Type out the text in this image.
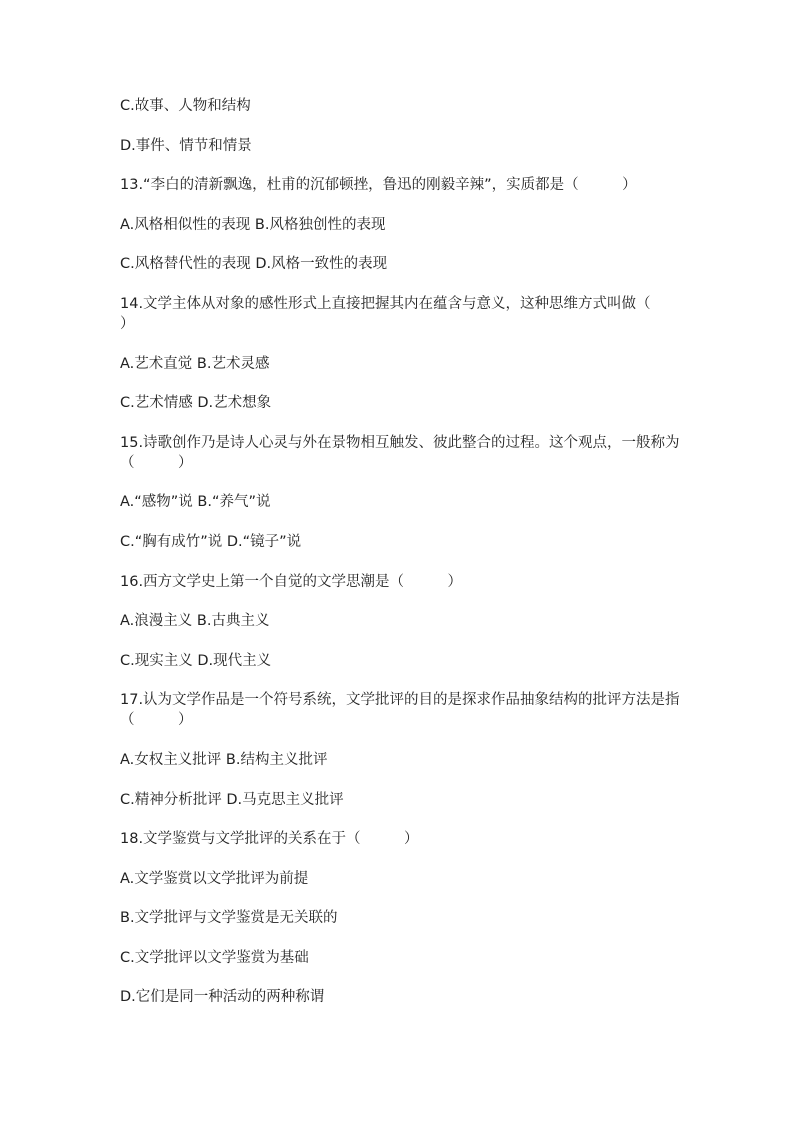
C.故事、人物和结构

D.事件、情节和情景

13.“李白的清新飘逸，杜甫的沉郁顿挫，鲁迅的刚毅辛辣”，实质都是（　　　）

A.风格相似性的表现 B.风格独创性的表现

C.风格替代性的表现 D.风格一致性的表现

14.文学主体从对象的感性形式上直接把握其内在蕴含与意义，这种思维方式叫做（　　　）

A.艺术直觉 B.艺术灵感

C.艺术情感 D.艺术想象

15.诗歌创作乃是诗人心灵与外在景物相互触发、彼此整合的过程。这个观点，一般称为（　　　）

A.“感物”说 B.“养气”说

C.“胸有成竹”说 D.“镜子”说

16.西方文学史上第一个自觉的文学思潮是（　　　）

A.浪漫主义 B.古典主义

C.现实主义 D.现代主义

17.认为文学作品是一个符号系统，文学批评的目的是探求作品抽象结构的批评方法是指（　　　）

A.女权主义批评 B.结构主义批评

C.精神分析批评 D.马克思主义批评

18.文学鉴赏与文学批评的关系在于（　　　）

A.文学鉴赏以文学批评为前提

B.文学批评与文学鉴赏是无关联的

C.文学批评以文学鉴赏为基础

D.它们是同一种活动的两种称谓
